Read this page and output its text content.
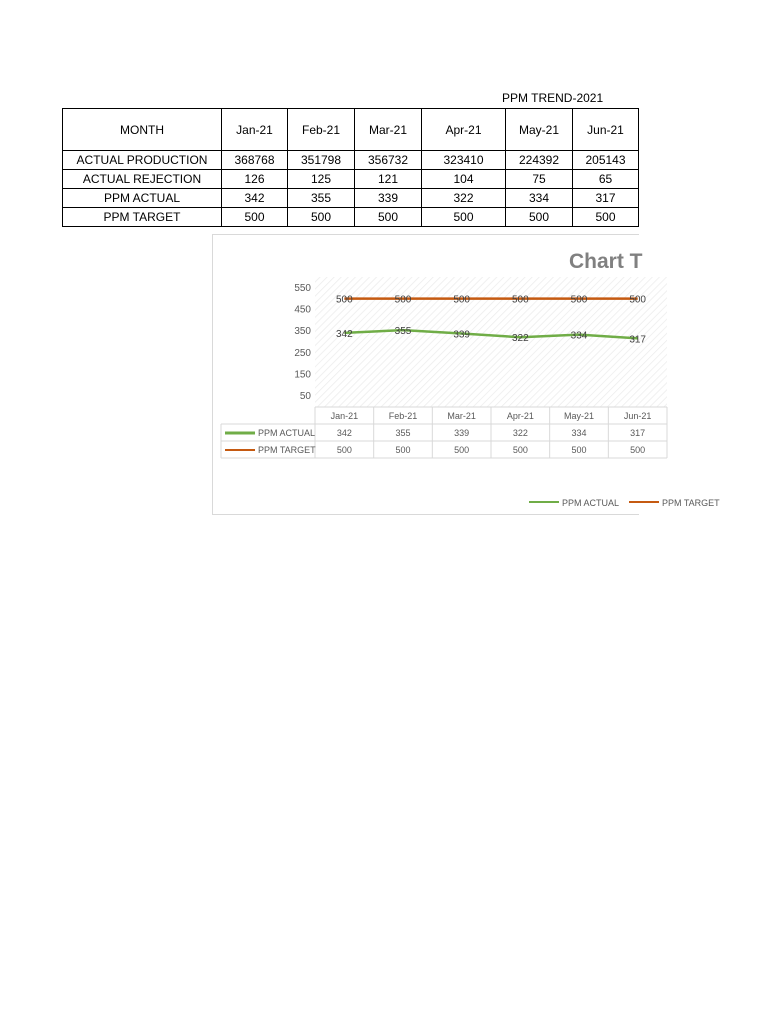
PPM TREND-2021
MONTH	Jan-21	Feb-21	Mar-21	Apr-21	May-21	Jun-21
ACTUAL PRODUCTION	368768	351798	356732	323410	224392	205143
ACTUAL REJECTION	126	125	121	104	75	65
PPM ACTUAL	342	355	339	322	334	317
PPM TARGET	500	500	500	500	500	500
Chart T
550
450
350
250
150
50
342	355	339	322	334	317
500	500	500	500	500	500
Jan-21	Feb-21	Mar-21	Apr-21	May-21	Jun-21
PPM ACTUAL 342	355	339	322	334	317
PPM TARGET 500	500	500	500	500	500
PPM ACTUAL	PPM TARGET
